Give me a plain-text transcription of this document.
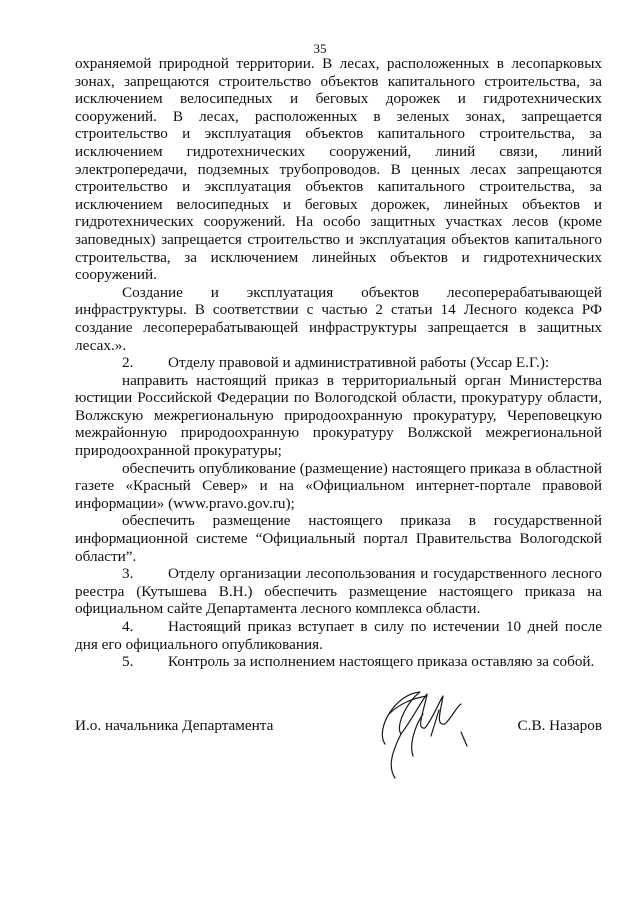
35

охраняемой природной территории. В лесах, расположенных в лесопарковых зонах, запрещаются строительство объектов капитального строительства, за исключением велосипедных и беговых дорожек и гидротехнических сооружений. В лесах, расположенных в зеленых зонах, запрещается строительство и эксплуатация объектов капитального строительства, за исключением гидротехнических сооружений, линий связи, линий электропередачи, подземных трубопроводов. В ценных лесах запрещаются строительство и эксплуатация объектов капитального строительства, за исключением велосипедных и беговых дорожек, линейных объектов и гидротехнических сооружений. На особо защитных участках лесов (кроме заповедных) запрещается строительство и эксплуатация объектов капитального строительства, за исключением линейных объектов и гидротехнических сооружений.

Создание и эксплуатация объектов лесоперерабатывающей инфраструктуры. В соответствии с частью 2 статьи 14 Лесного кодекса РФ создание лесоперерабатывающей инфраструктуры запрещается в защитных лесах.».

2. Отделу правовой и административной работы (Уссар Е.Г.):

направить настоящий приказ в территориальный орган Министерства юстиции Российской Федерации по Вологодской области, прокуратуру области, Волжскую межрегиональную природоохранную прокуратуру, Череповецкую межрайонную природоохранную прокуратуру Волжской межрегиональной природоохранной прокуратуры;

обеспечить опубликование (размещение) настоящего приказа в областной газете «Красный Север» и на «Официальном интернет-портале правовой информации» (www.pravo.gov.ru);

обеспечить размещение настоящего приказа в государственной информационной системе “Официальный портал Правительства Вологодской области”.

3. Отделу организации лесопользования и государственного лесного реестра (Кутышева В.Н.) обеспечить размещение настоящего приказа на официальном сайте Департамента лесного комплекса области.

4. Настоящий приказ вступает в силу по истечении 10 дней после дня его официального опубликования.

5. Контроль за исполнением настоящего приказа оставляю за собой.

И.о. начальника Департамента	С.В. Назаров
